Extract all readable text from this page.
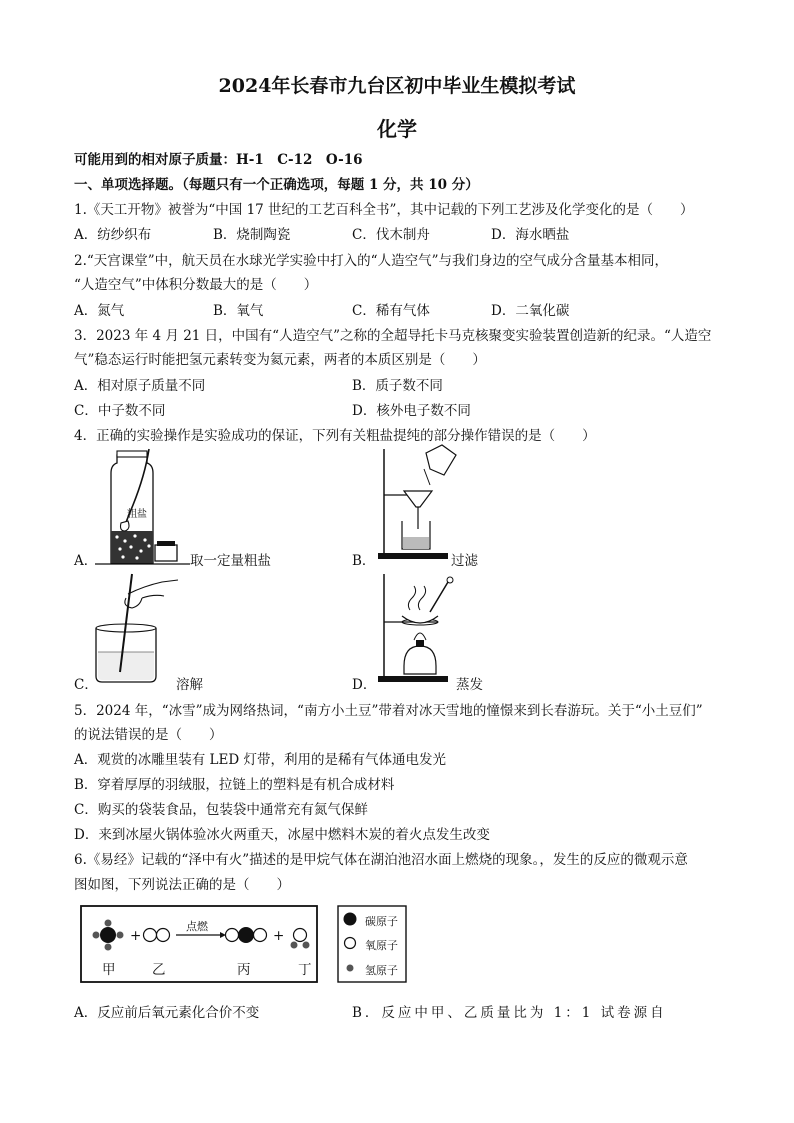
2024年长春市九台区初中毕业生模拟考试
化学
可能用到的相对原子质量：H-1　C-12　O-16
一、单项选择题。（每题只有一个正确选项，每题 1 分，共 10 分）
1.《天工开物》被誉为“中国 17 世纪的工艺百科全书”，其中记载的下列工艺涉及化学变化的是（　　）
A．纺纱织布	B．烧制陶瓷	C．伐木制舟	D．海水晒盐
2.“天宫课堂”中，航天员在水球光学实验中打入的“人造空气”与我们身边的空气成分含量基本相同，
“人造空气”中体积分数最大的是（　　）
A．氮气	B．氧气	C．稀有气体	D．二氧化碳
3．2023 年 4 月 21 日，中国有“人造空气”之称的全超导托卡马克核聚变实验装置创造新的纪录。“人造空
气”稳态运行时能把氢元素转变为氦元素，两者的本质区别是（　　）
A．相对原子质量不同	B．质子数不同
C．中子数不同	D．核外电子数不同
4．正确的实验操作是实验成功的保证，下列有关粗盐提纯的部分操作错误的是（　　）
A．
粗盐
取一定量粗盐	B．	过滤
C．	溶解	D．	蒸发
5．2024 年，“冰雪”成为网络热词，“南方小土豆”带着对冰天雪地的憧憬来到长春游玩。关于“小土豆们”
的说法错误的是（　　）
A．观赏的冰雕里装有 LED 灯带，利用的是稀有气体通电发光
B．穿着厚厚的羽绒服，拉链上的塑料是有机合成材料
C．购买的袋装食品，包装袋中通常充有氮气保鲜
D．来到冰屋火锅体验冰火两重天，冰屋中燃料木炭的着火点发生改变
6.《易经》记载的“泽中有火”描述的是甲烷气体在湖泊池沼水面上燃烧的现象。，发生的反应的微观示意
图如图，下列说法正确的是（　　）
+	+
点燃
甲	乙	丙	丁
碳原子
氧原子
氢原子
A．反应前后氧元素化合价不变	B．反应中甲、乙质量比为 1：1 试卷源自
